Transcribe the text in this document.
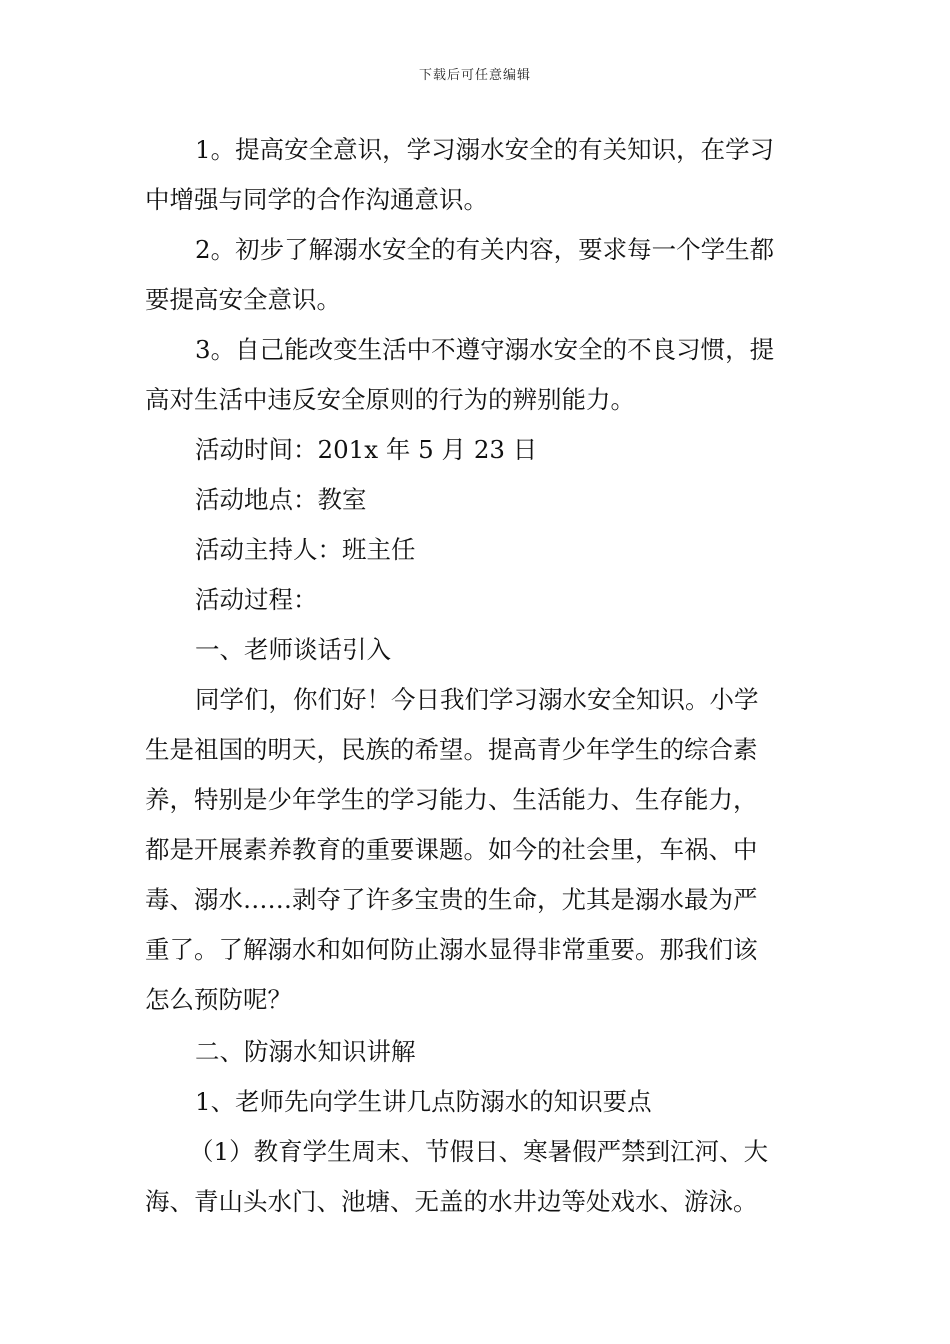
下载后可任意编辑
1。提高安全意识，学习溺水安全的有关知识，在学习
中增强与同学的合作沟通意识。
2。初步了解溺水安全的有关内容，要求每一个学生都
要提高安全意识。
3。自己能改变生活中不遵守溺水安全的不良习惯，提
高对生活中违反安全原则的行为的辨别能力。
活动时间：201x 年 5 月 23 日
活动地点：教室
活动主持人：班主任
活动过程：
一、老师谈话引入
同学们，你们好！今日我们学习溺水安全知识。小学
生是祖国的明天，民族的希望。提高青少年学生的综合素
养，特别是少年学生的学习能力、生活能力、生存能力，
都是开展素养教育的重要课题。如今的社会里，车祸、中
毒、溺水……剥夺了许多宝贵的生命，尤其是溺水最为严
重了。了解溺水和如何防止溺水显得非常重要。那我们该
怎么预防呢？
二、防溺水知识讲解
1、老师先向学生讲几点防溺水的知识要点
（1）教育学生周末、节假日、寒暑假严禁到江河、大
海、青山头水门、池塘、无盖的水井边等处戏水、游泳。
